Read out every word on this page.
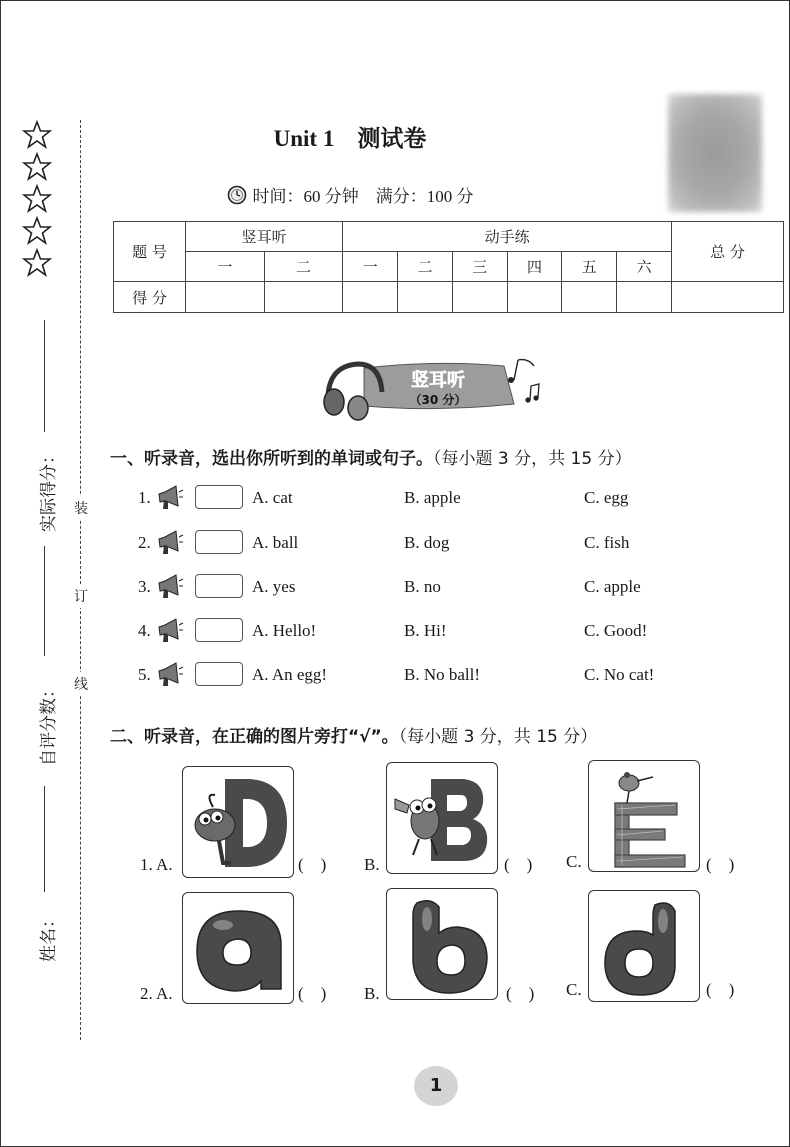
实际得分：
自评分数：
姓名：
装
订
线
Unit 1　测试卷
时间：60 分钟　满分：100 分
题 号	竖耳听		动手练						总 分
	一	二	一	二	三	四	五	六	
得 分									
竖耳听
（30 分）
一、听录音，选出你所听到的单词或句子。（每小题 3 分，共 15 分）
1.	A. cat	B. apple	C. egg
2.	A. ball	B. dog	C. fish
3.	A. yes	B. no	C. apple
4.	A. Hello!	B. Hi!	C. Good!
5.	A. An egg!	B. No ball!	C. No cat!
二、听录音，在正确的图片旁打“√”。（每小题 3 分，共 15 分）
1. A.	( ) B.	( ) C.	( )
2. A.	( ) B.	( ) C.	( )
1
